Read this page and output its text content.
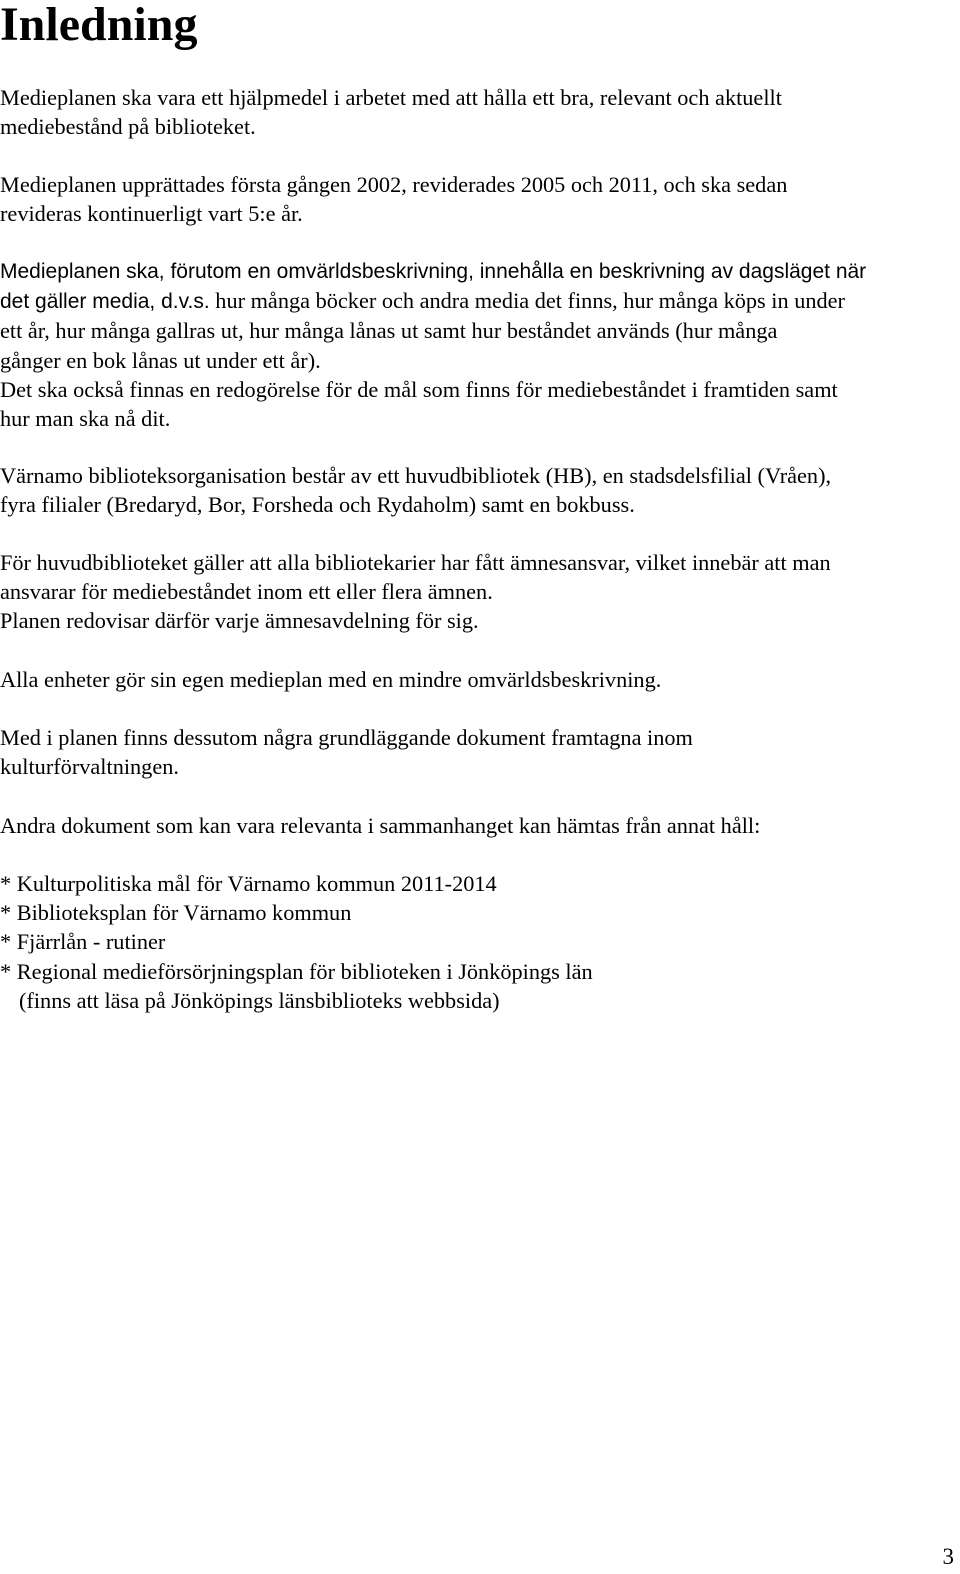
Inledning
Medieplanen ska vara ett hjälpmedel i arbetet med att hålla ett bra, relevant och aktuellt
mediebestånd på biblioteket.
Medieplanen upprättades första gången 2002, reviderades 2005 och 2011, och ska sedan
revideras kontinuerligt vart 5:e år.
Medieplanen ska, förutom en omvärldsbeskrivning, innehålla en beskrivning av dagsläget när
det gäller media, d.v.s. hur många böcker och andra media det finns, hur många köps in under
ett år, hur många gallras ut, hur många lånas ut samt hur beståndet används (hur många
gånger en bok lånas ut under ett år).
Det ska också finnas en redogörelse för de mål som finns för mediebeståndet i framtiden samt
hur man ska nå dit.
Värnamo biblioteksorganisation består av ett huvudbibliotek (HB), en stadsdelsfilial (Vråen),
fyra filialer (Bredaryd, Bor, Forsheda och Rydaholm) samt en bokbuss.
För huvudbiblioteket gäller att alla bibliotekarier har fått ämnesansvar, vilket innebär att man
ansvarar för mediebeståndet inom ett eller flera ämnen.
Planen redovisar därför varje ämnesavdelning för sig.
Alla enheter gör sin egen medieplan med en mindre omvärldsbeskrivning.
Med i planen finns dessutom några grundläggande dokument framtagna inom
kulturförvaltningen.
Andra dokument som kan vara relevanta i sammanhanget kan hämtas från annat håll:
* Kulturpolitiska mål för Värnamo kommun 2011-2014
* Biblioteksplan för Värnamo kommun
* Fjärrlån - rutiner
* Regional medieförsörjningsplan för biblioteken i Jönköpings län
(finns att läsa på Jönköpings länsbiblioteks webbsida)
3
